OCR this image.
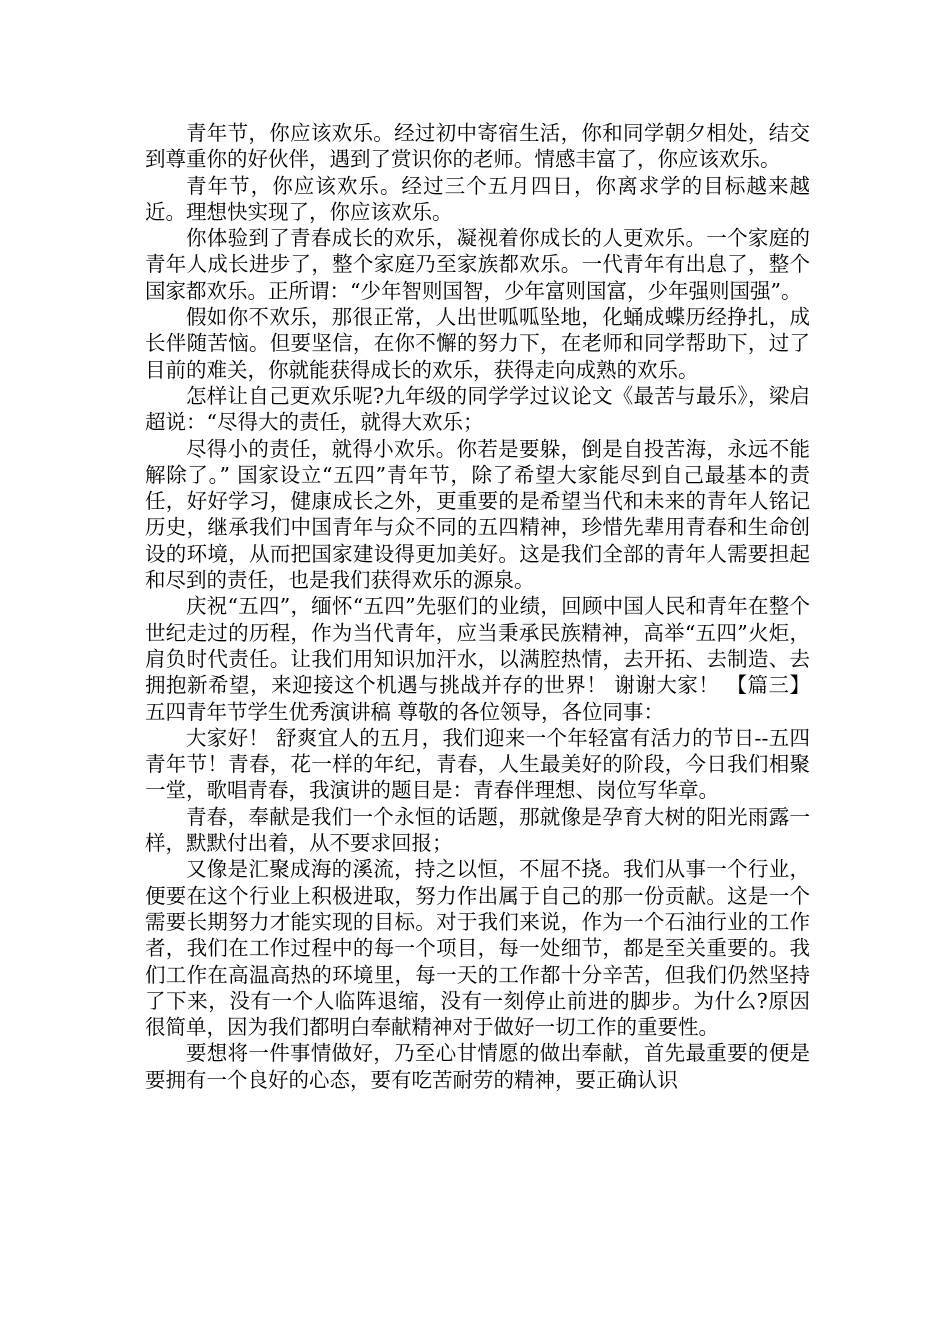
青年节，你应该欢乐。经过初中寄宿生活，你和同学朝夕相处，结交到尊重你的好伙伴，遇到了赏识你的老师。情感丰富了，你应该欢乐。

青年节，你应该欢乐。经过三个五月四日，你离求学的目标越来越近。理想快实现了，你应该欢乐。

你体验到了青春成长的欢乐，凝视着你成长的人更欢乐。一个家庭的青年人成长进步了，整个家庭乃至家族都欢乐。一代青年有出息了，整个国家都欢乐。正所谓：“少年智则国智，少年富则国富，少年强则国强”。

假如你不欢乐，那很正常，人出世呱呱坠地，化蛹成蝶历经挣扎，成长伴随苦恼。但要坚信，在你不懈的努力下，在老师和同学帮助下，过了目前的难关，你就能获得成长的欢乐，获得走向成熟的欢乐。

怎样让自己更欢乐呢?九年级的同学学过议论文《最苦与最乐》，梁启超说：“尽得大的责任，就得大欢乐；

尽得小的责任，就得小欢乐。你若是要躲，倒是自投苦海，永远不能解除了。” 国家设立“五四”青年节，除了希望大家能尽到自己最基本的责任，好好学习，健康成长之外，更重要的是希望当代和未来的青年人铭记历史，继承我们中国青年与众不同的五四精神，珍惜先辈用青春和生命创设的环境，从而把国家建设得更加美好。这是我们全部的青年人需要担起和尽到的责任，也是我们获得欢乐的源泉。

庆祝“五四”，缅怀“五四”先驱们的业绩，回顾中国人民和青年在整个世纪走过的历程，作为当代青年，应当秉承民族精神，高举“五四”火炬，肩负时代责任。让我们用知识加汗水，以满腔热情，去开拓、去制造、去拥抱新希望，来迎接这个机遇与挑战并存的世界！ 谢谢大家！ 【篇三】五四青年节学生优秀演讲稿 尊敬的各位领导，各位同事：

大家好！ 舒爽宜人的五月，我们迎来一个年轻富有活力的节日--五四青年节！青春，花一样的年纪，青春，人生最美好的阶段，今日我们相聚一堂，歌唱青春，我演讲的题目是：青春伴理想、岗位写华章。

青春，奉献是我们一个永恒的话题，那就像是孕育大树的阳光雨露一样，默默付出着，从不要求回报；

又像是汇聚成海的溪流，持之以恒，不屈不挠。我们从事一个行业，便要在这个行业上积极进取，努力作出属于自己的那一份贡献。这是一个需要长期努力才能实现的目标。对于我们来说，作为一个石油行业的工作者，我们在工作过程中的每一个项目，每一处细节，都是至关重要的。我们工作在高温高热的环境里，每一天的工作都十分辛苦，但我们仍然坚持了下来，没有一个人临阵退缩，没有一刻停止前进的脚步。为什么?原因很简单，因为我们都明白奉献精神对于做好一切工作的重要性。

要想将一件事情做好，乃至心甘情愿的做出奉献，首先最重要的便是要拥有一个良好的心态，要有吃苦耐劳的精神，要正确认识
